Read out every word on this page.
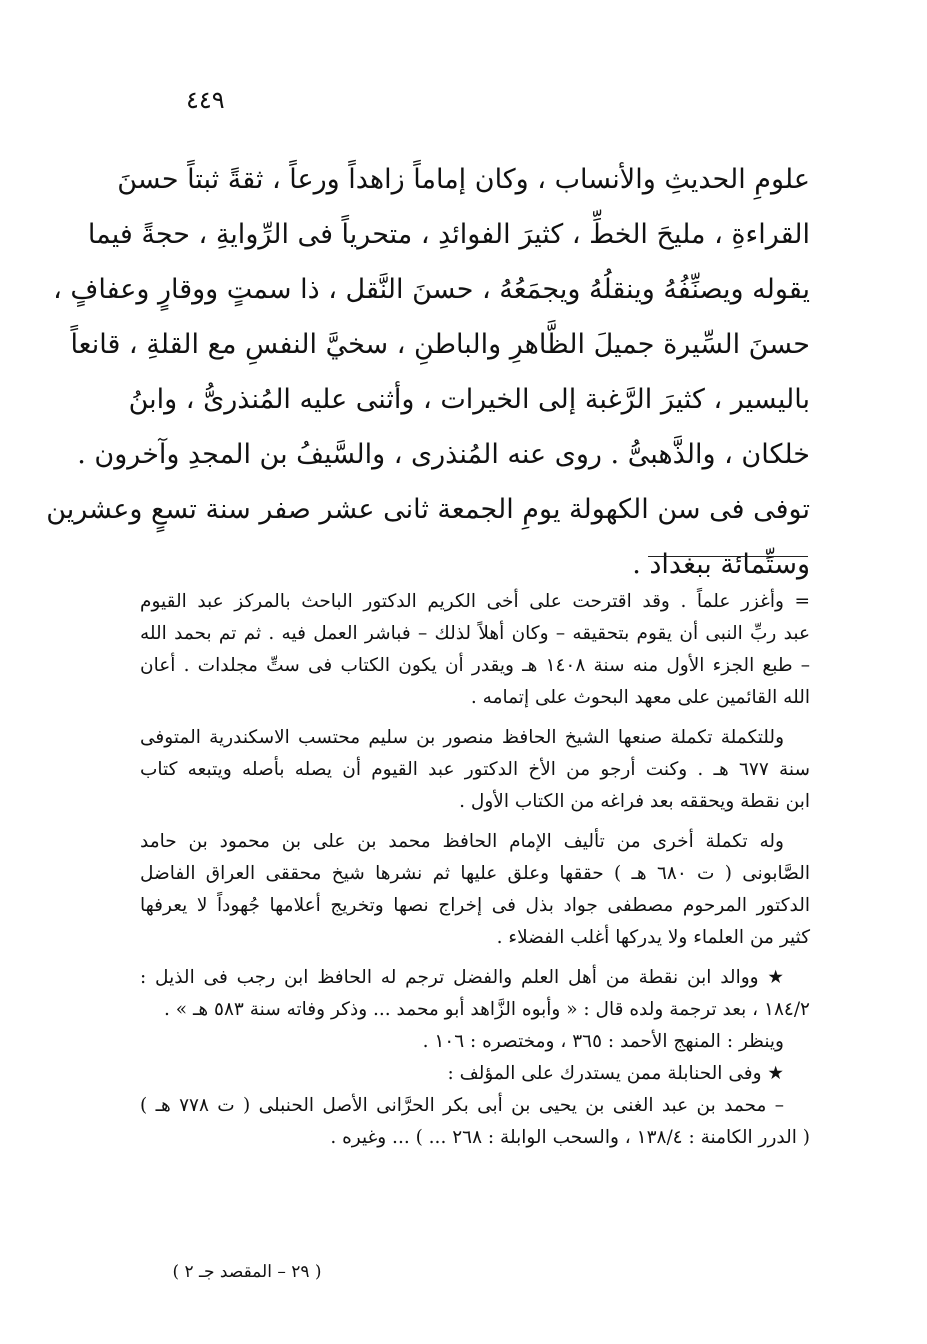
٤٤٩
علومِ الحديثِ والأنساب ، وكان إماماً زاهداً ورعاً ، ثقةً ثبتاً حسنَ
القراءةِ ، مليحَ الخطِّ ، كثيرَ الفوائدِ ، متحرياً فى الرِّوايةِ ، حجةً فيما
يقوله ويصنِّفُهُ وينقلُهُ ويجمَعُهُ ، حسنَ النَّقل ، ذا سمتٍ ووقارٍ وعفافٍ ،
حسنَ السِّيرة جميلَ الظَّاهرِ والباطنِ ، سخيَّ النفسِ مع القلةِ ، قانعاً
باليسير ، كثيرَ الرَّغبة إلى الخيرات ، وأثنى عليه المُنذرىُّ ، وابنُ
خلكان ، والذَّهبىُّ . روى عنه المُنذرى ، والسَّيفُ بن المجدِ وآخرون .
توفى فى سن الكهولة يومِ الجمعة ثانى عشر صفر سنة تسعٍ وعشرين
وستِّمائة ببغداد .
= وأغزر علماً . وقد اقترحت على أخى الكريم الدكتور الباحث بالمركز عبد القيوم
عبد ربِّ النبى أن يقوم بتحقيقه – وكان أهلاً لذلك – فباشر العمل فيه . ثم تم بحمد الله
– طبع الجزء الأول منه سنة ١٤٠٨ هـ ويقدر أن يكون الكتاب فى ستِّ مجلدات . أعان
الله القائمين على معهد البحوث على إتمامه .
وللتكملة تكملة صنعها الشيخ الحافظ منصور بن سليم محتسب الاسكندرية المتوفى
سنة ٦٧٧ هـ . وكنت أرجو من الأخ الدكتور عبد القيوم أن يصله بأصله ويتبعه كتاب
ابن نقطة ويحققه بعد فراغه من الكتاب الأول .
وله تكملة أخرى من تأليف الإمام الحافظ محمد بن على بن محمود بن حامد
الصَّابونى ( ت ٦٨٠ هـ ) حققها وعلق عليها ثم نشرها شيخ محققى العراق الفاضل
الدكتور المرحوم مصطفى جواد بذل فى إخراج نصها وتخريج أعلامها جُهوداً لا يعرفها
كثير من العلماء ولا يدركها أغلب الفضلاء .
★ ووالد ابن نقطة من أهل العلم والفضل ترجم له الحافظ ابن رجب فى الذيل :
١٨٤/٢ ، بعد ترجمة ولده قال : « وأبوه الزَّاهد أبو محمد ... وذكر وفاته سنة ٥٨٣ هـ » .
وينظر : المنهج الأحمد : ٣٦٥ ، ومختصره : ١٠٦ .
★ وفى الحنابلة ممن يستدرك على المؤلف :
– محمد بن عبد الغنى بن يحيى بن أبى بكر الحرَّانى الأصل الحنبلى ( ت ٧٧٨ هـ )
( الدرر الكامنة : ١٣٨/٤ ، والسحب الوابلة : ٢٦٨ ... ) ... وغيره .
( ٢٩ – المقصد جـ ٢ )
